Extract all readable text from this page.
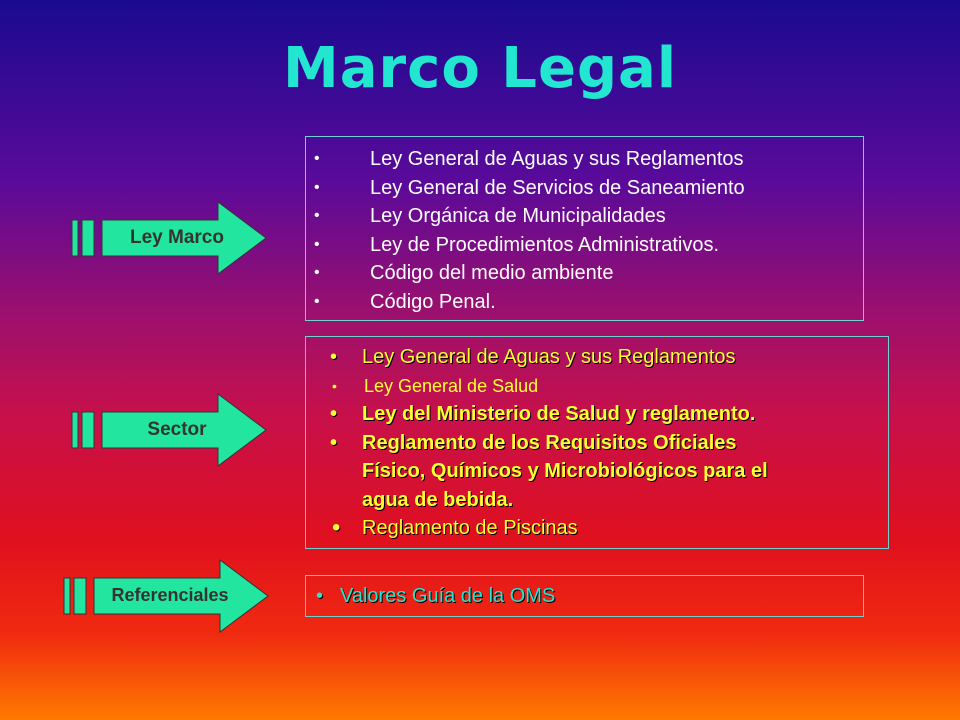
Marco Legal
Ley Marco
Sector
Referenciales
•	Ley General de Aguas y sus Reglamentos
•	Ley General de Servicios de Saneamiento
•	Ley Orgánica de Municipalidades
•	Ley de Procedimientos Administrativos.
•	Código del medio ambiente
•	Código Penal.
• Ley General de Aguas y sus Reglamentos
• Ley General de Salud
• Ley del Ministerio de Salud y reglamento.
• Reglamento de los Requisitos Oficiales
Físico, Químicos y Microbiológicos para el
agua de bebida.
• Reglamento de Piscinas
• Valores Guía de la OMS
